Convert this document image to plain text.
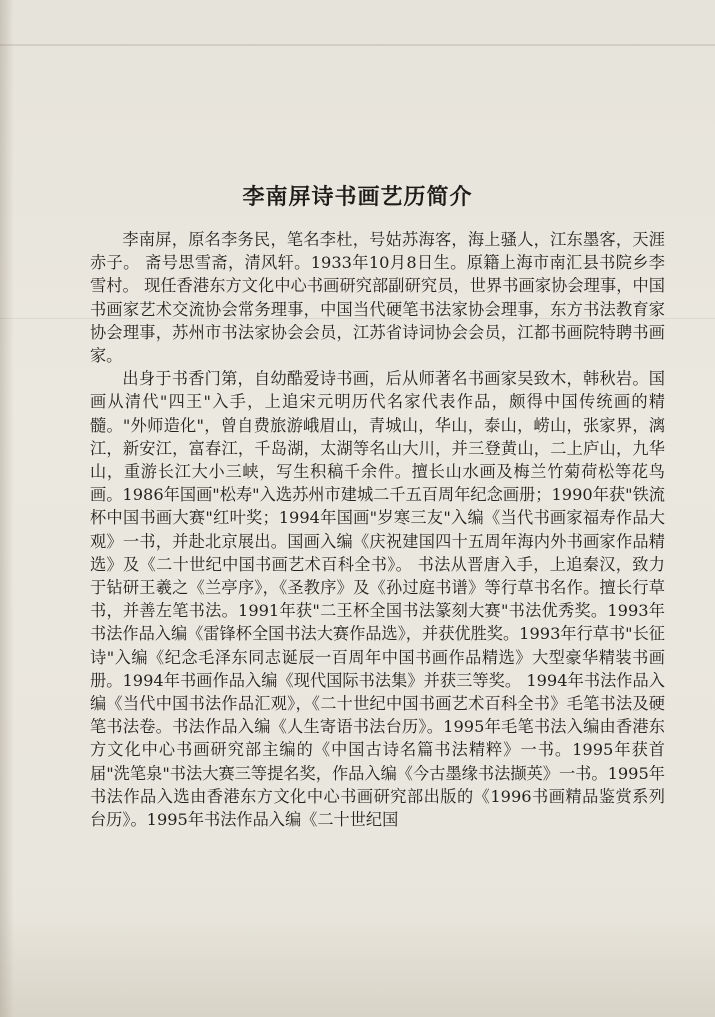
李南屏诗书画艺历简介

李南屏，原名李务民，笔名李杜，号姑苏海客，海上骚人，江东墨客，天涯赤子。 斋号思雪斋，清风轩。1933年10月8日生。原籍上海市南汇县书院乡李雪村。 现任香港东方文化中心书画研究部副研究员，世界书画家协会理事，中国书画家艺术交流协会常务理事，中国当代硬笔书法家协会理事，东方书法教育家协会理事，苏州市书法家协会会员，江苏省诗词协会会员，江都书画院特聘书画家。

出身于书香门第，自幼酷爱诗书画，后从师著名书画家吴致木，韩秋岩。国画从清代"四王"入手，上追宋元明历代名家代表作品，颇得中国传统画的精髓。"外师造化"，曾自费旅游峨眉山，青城山，华山，泰山，崂山，张家界，漓江，新安江，富春江，千岛湖，太湖等名山大川，并三登黄山，二上庐山，九华山，重游长江大小三峡，写生积稿千余件。擅长山水画及梅兰竹菊荷松等花鸟画。1986年国画"松寿"入选苏州市建城二千五百周年纪念画册；1990年获"铁流杯中国书画大赛"红叶奖；1994年国画"岁寒三友"入编《当代书画家福寿作品大观》一书，并赴北京展出。国画入编《庆祝建国四十五周年海内外书画家作品精选》及《二十世纪中国书画艺术百科全书》。 书法从晋唐入手，上追秦汉，致力于钻研王羲之《兰亭序》，《圣教序》及《孙过庭书谱》等行草书名作。擅长行草书，并善左笔书法。1991年获"二王杯全国书法篆刻大赛"书法优秀奖。1993年书法作品入编《雷锋杯全国书法大赛作品选》，并获优胜奖。1993年行草书"长征诗"入编《纪念毛泽东同志诞辰一百周年中国书画作品精选》大型豪华精装书画册。1994年书画作品入编《现代国际书法集》并获三等奖。 1994年书法作品入编《当代中国书法作品汇观》，《二十世纪中国书画艺术百科全书》毛笔书法及硬笔书法卷。书法作品入编《人生寄语书法台历》。1995年毛笔书法入编由香港东方文化中心书画研究部主编的《中国古诗名篇书法精粹》一书。1995年获首届"洗笔泉"书法大赛三等提名奖，作品入编《今古墨缘书法撷英》一书。1995年书法作品入选由香港东方文化中心书画研究部出版的《1996书画精品鉴赏系列台历》。1995年书法作品入编《二十世纪国
